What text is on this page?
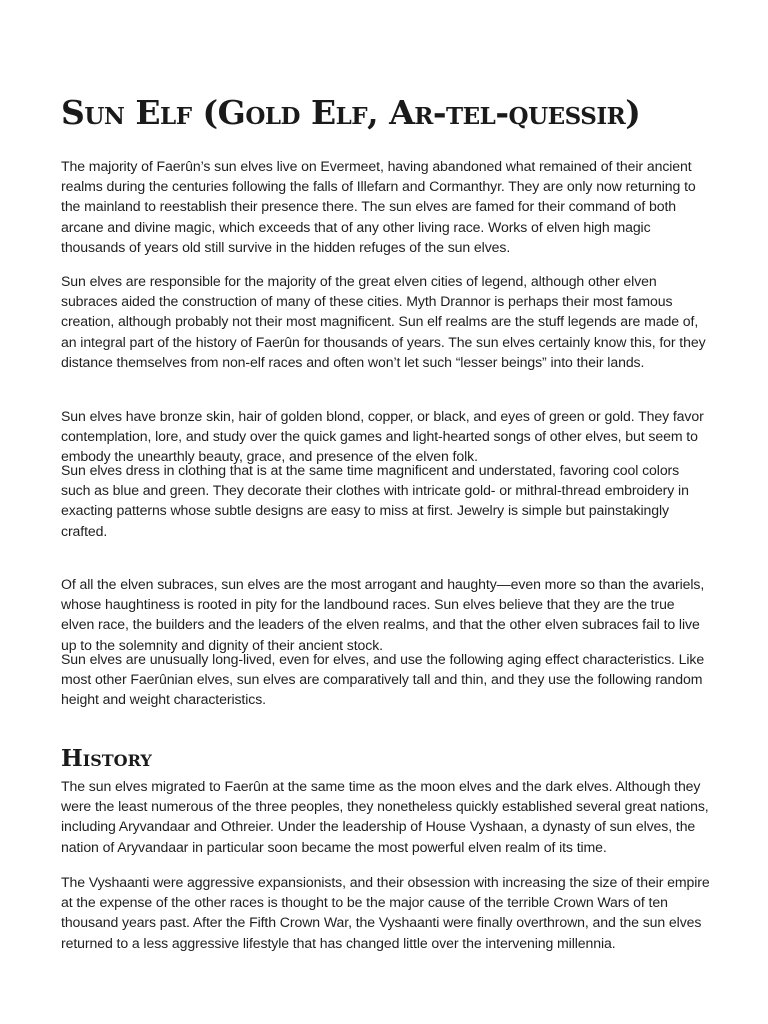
Sun Elf (Gold Elf, Ar-tel-quessir)

The majority of Faerûn’s sun elves live on Evermeet, having abandoned what remained of their ancient realms during the centuries following the falls of Illefarn and Cormanthyr. They are only now returning to the mainland to reestablish their presence there. The sun elves are famed for their command of both arcane and divine magic, which exceeds that of any other living race. Works of elven high magic thousands of years old still survive in the hidden refuges of the sun elves.

Sun elves are responsible for the majority of the great elven cities of legend, although other elven subraces aided the construction of many of these cities. Myth Drannor is perhaps their most famous creation, although probably not their most magnificent. Sun elf realms are the stuff legends are made of, an integral part of the history of Faerûn for thousands of years. The sun elves certainly know this, for they distance themselves from non-elf races and often won’t let such “lesser beings” into their lands.

Sun elves have bronze skin, hair of golden blond, copper, or black, and eyes of green or gold. They favor contemplation, lore, and study over the quick games and light-hearted songs of other elves, but seem to embody the unearthly beauty, grace, and presence of the elven folk.

Sun elves dress in clothing that is at the same time magnificent and understated, favoring cool colors such as blue and green. They decorate their clothes with intricate gold- or mithral-thread embroidery in exacting patterns whose subtle designs are easy to miss at first. Jewelry is simple but painstakingly crafted.

Of all the elven subraces, sun elves are the most arrogant and haughty—even more so than the avariels, whose haughtiness is rooted in pity for the landbound races. Sun elves believe that they are the true elven race, the builders and the leaders of the elven realms, and that the other elven subraces fail to live up to the solemnity and dignity of their ancient stock.

Sun elves are unusually long-lived, even for elves, and use the following aging effect characteristics. Like most other Faerûnian elves, sun elves are comparatively tall and thin, and they use the following random height and weight characteristics.

History

The sun elves migrated to Faerûn at the same time as the moon elves and the dark elves. Although they were the least numerous of the three peoples, they nonetheless quickly established several great nations, including Aryvandaar and Othreier. Under the leadership of House Vyshaan, a dynasty of sun elves, the nation of Aryvandaar in particular soon became the most powerful elven realm of its time.

The Vyshaanti were aggressive expansionists, and their obsession with increasing the size of their empire at the expense of the other races is thought to be the major cause of the terrible Crown Wars of ten thousand years past. After the Fifth Crown War, the Vyshaanti were finally overthrown, and the sun elves returned to a less aggressive lifestyle that has changed little over the intervening millennia.
